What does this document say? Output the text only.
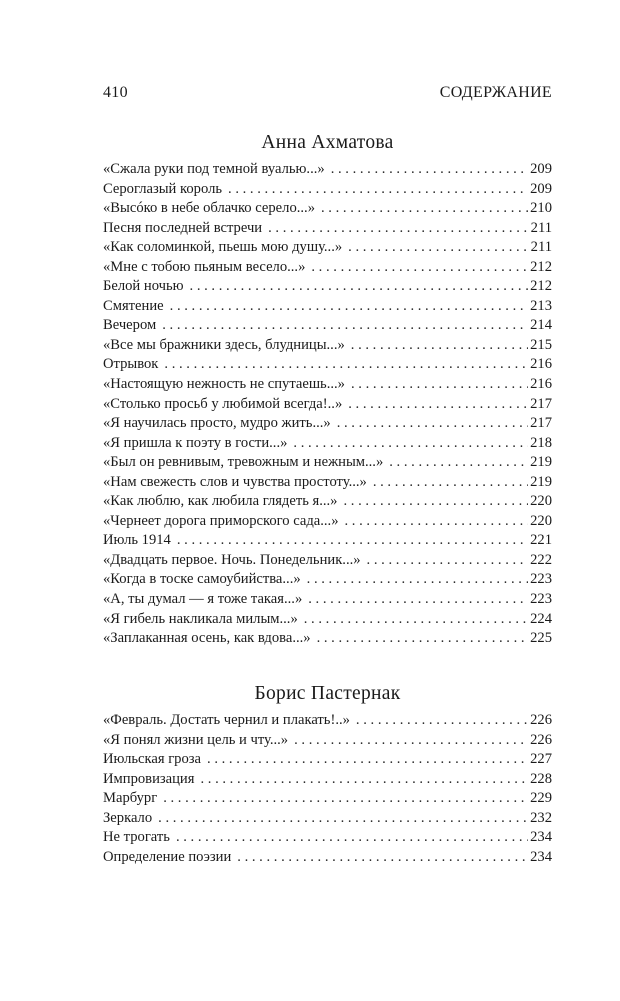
410	СОДЕРЖАНИЕ
Анна Ахматова
«Сжала руки под темной вуалью...» . . .	209
Сероглазый король . . .	209
«Высóко в небе облачко серело...» . . .	210
Песня последней встречи . . .	211
«Как соломинкой, пьешь мою душу...» . . .	211
«Мне с тобою пьяным весело...» . . .	212
Белой ночью . . .	212
Смятение . . .	213
Вечером . . .	214
«Все мы бражники здесь, блудницы...» . . .	215
Отрывок . . .	216
«Настоящую нежность не спутаешь...» . . .	216
«Столько просьб у любимой всегда!..» . . .	217
«Я научилась просто, мудро жить...» . . .	217
«Я пришла к поэту в гости...» . . .	218
«Был он ревнивым, тревожным и нежным...» . . .	219
«Нам свежесть слов и чувства простоту...» . . .	219
«Как люблю, как любила глядеть я...» . . .	220
«Чернеет дорога приморского сада...» . . .	220
Июль 1914 . . .	221
«Двадцать первое. Ночь. Понедельник...» . . .	222
«Когда в тоске самоубийства...» . . .	223
«А, ты думал — я тоже такая...» . . .	223
«Я гибель накликала милым...» . . .	224
«Заплаканная осень, как вдова...» . . .	225
Борис Пастернак
«Февраль. Достать чернил и плакать!..» . . .	226
«Я понял жизни цель и чту...» . . .	226
Июльская гроза . . .	227
Импровизация . . .	228
Марбург . . .	229
Зеркало . . .	232
Не трогать . . .	234
Определение поэзии . . .	234
